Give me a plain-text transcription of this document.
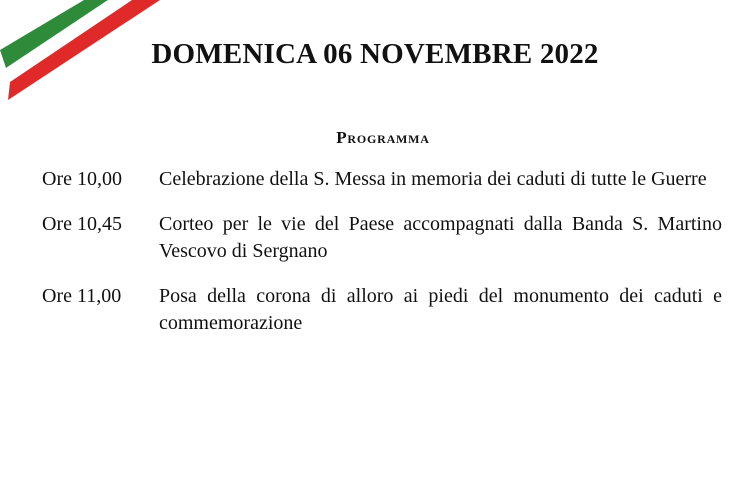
DOMENICA 06 NOVEMBRE 2022
Programma
Ore 10,00	Celebrazione della S. Messa in memoria dei caduti di tutte le Guerre
Ore 10,45	Corteo per le vie del Paese accompagnati dalla Banda S. Martino Vescovo di Sergnano
Ore 11,00	Posa della corona di alloro ai piedi del monumento dei caduti e commemorazione
